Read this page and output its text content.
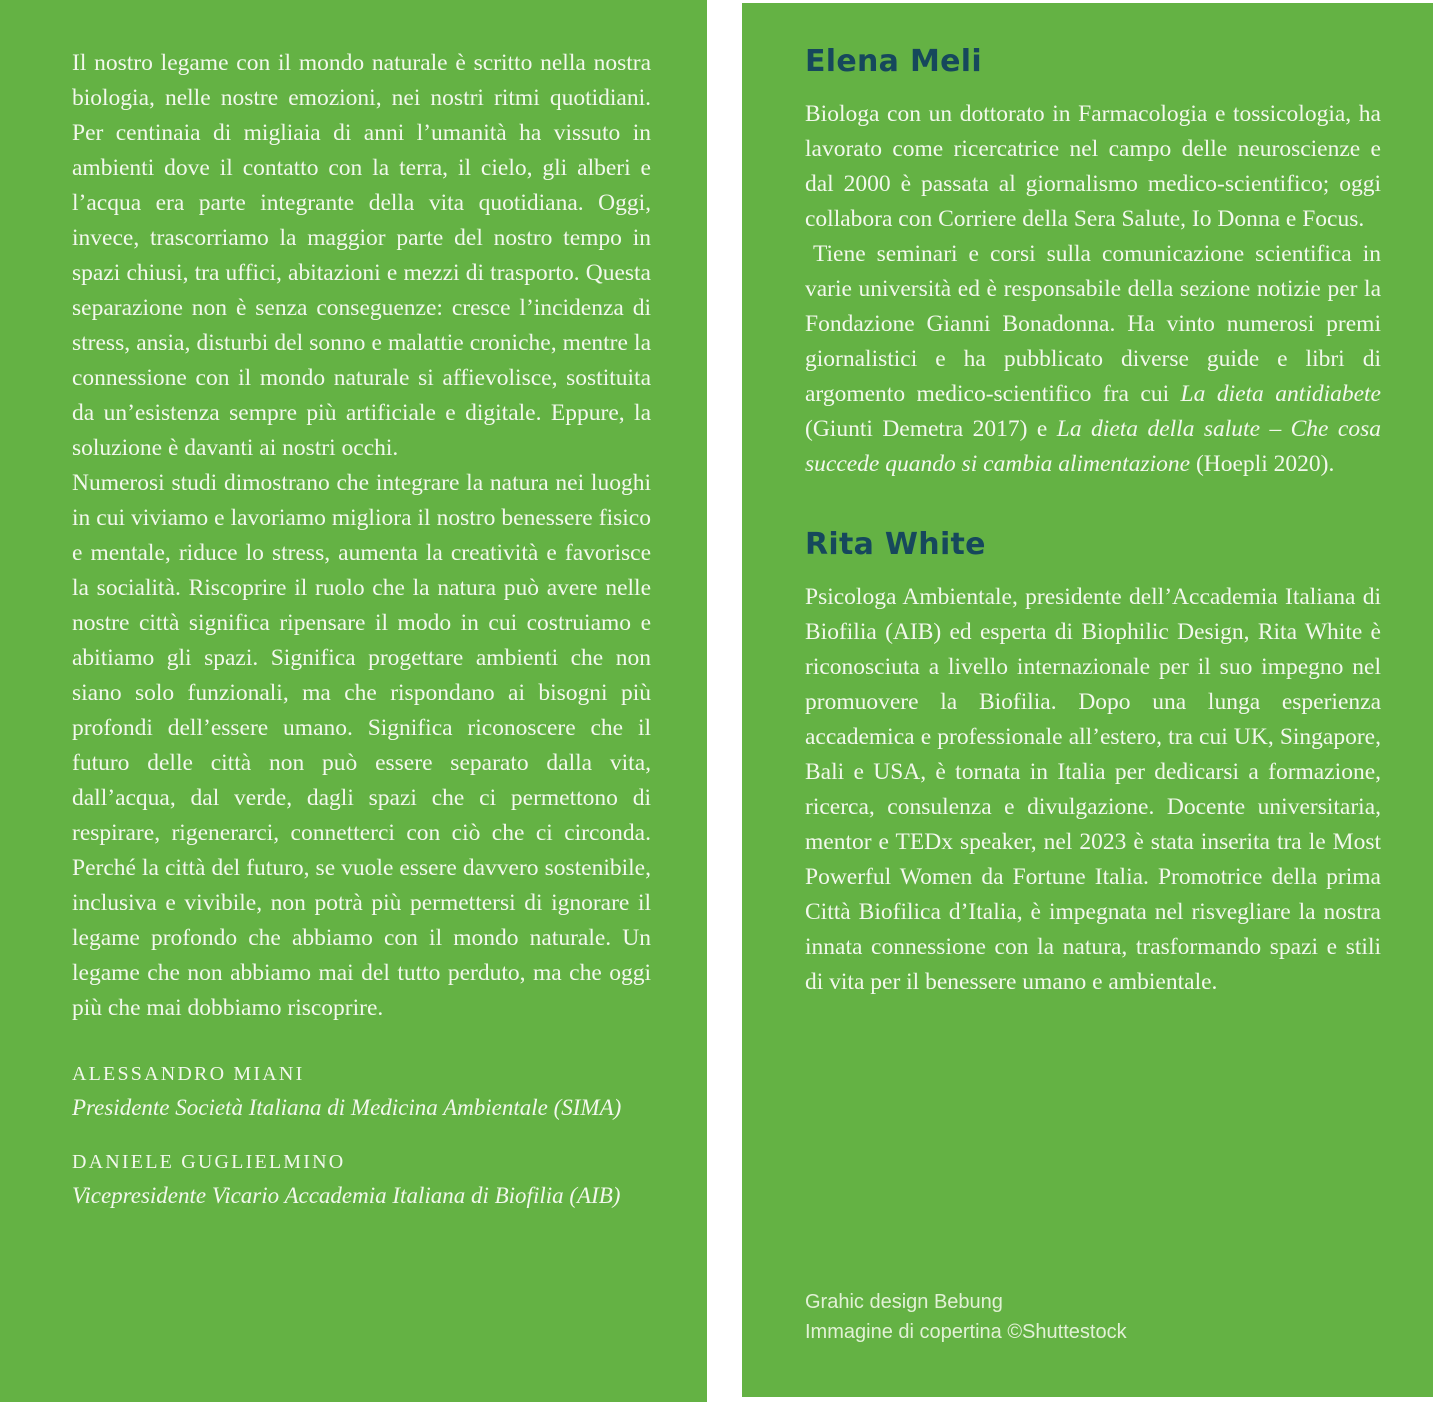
Il nostro legame con il mondo naturale è scritto nella nostra biologia, nelle nostre emozioni, nei nostri ritmi quotidiani. Per centinaia di migliaia di anni l’umanità ha vissuto in ambienti dove il contatto con la terra, il cielo, gli alberi e l’acqua era parte integrante della vita quotidiana. Oggi, invece, trascorriamo la maggior parte del nostro tempo in spazi chiusi, tra uffici, abitazioni e mezzi di trasporto. Questa separazione non è senza conseguenze: cresce l’incidenza di stress, ansia, disturbi del sonno e malattie croniche, mentre la connessione con il mondo naturale si affievolisce, sostituita da un’esistenza sempre più artificiale e digitale. Eppure, la soluzione è davanti ai nostri occhi.

Numerosi studi dimostrano che integrare la natura nei luoghi in cui viviamo e lavoriamo migliora il nostro benessere fisico e mentale, riduce lo stress, aumenta la creatività e favorisce la socialità. Riscoprire il ruolo che la natura può avere nelle nostre città significa ripensare il modo in cui costruiamo e abitiamo gli spazi. Significa progettare ambienti che non siano solo funzionali, ma che rispondano ai bisogni più profondi dell’essere umano. Significa riconoscere che il futuro delle città non può essere separato dalla vita, dall’acqua, dal verde, dagli spazi che ci permettono di respirare, rigenerarci, connetterci con ciò che ci circonda. Perché la città del futuro, se vuole essere davvero sostenibile, inclusiva e vivibile, non potrà più permettersi di ignorare il legame profondo che abbiamo con il mondo naturale. Un legame che non abbiamo mai del tutto perduto, ma che oggi più che mai dobbiamo riscoprire.

ALESSANDRO MIANI
Presidente Società Italiana di Medicina Ambientale (SIMA)
DANIELE GUGLIELMINO
Vicepresidente Vicario Accademia Italiana di Biofilia (AIB)
Elena Meli

Biologa con un dottorato in Farmacologia e tossicologia, ha lavorato come ricercatrice nel campo delle neuroscienze e dal 2000 è passata al giornalismo medico-scientifico; oggi collabora con Corriere della Sera Salute, Io Donna e Focus.

Tiene seminari e corsi sulla comunicazione scientifica in varie università ed è responsabile della sezione notizie per la Fondazione Gianni Bonadonna. Ha vinto numerosi premi giornalistici e ha pubblicato diverse guide e libri di argomento medico-scientifico fra cui La dieta antidiabete (Giunti Demetra 2017) e La dieta della salute – Che cosa succede quando si cambia alimentazione (Hoepli 2020).

Rita White

Psicologa Ambientale, presidente dell’Accademia Italiana di Biofilia (AIB) ed esperta di Biophilic Design, Rita White è riconosciuta a livello internazionale per il suo impegno nel promuovere la Biofilia. Dopo una lunga esperienza accademica e professionale all’estero, tra cui UK, Singapore, Bali e USA, è tornata in Italia per dedicarsi a formazione, ricerca, consulenza e divulgazione. Docente universitaria, mentor e TEDx speaker, nel 2023 è stata inserita tra le Most Powerful Women da Fortune Italia. Promotrice della prima Città Biofilica d’Italia, è impegnata nel risvegliare la nostra innata connessione con la natura, trasformando spazi e stili di vita per il benessere umano e ambientale.

Grahic design Bebung
Immagine di copertina ©Shuttestock
